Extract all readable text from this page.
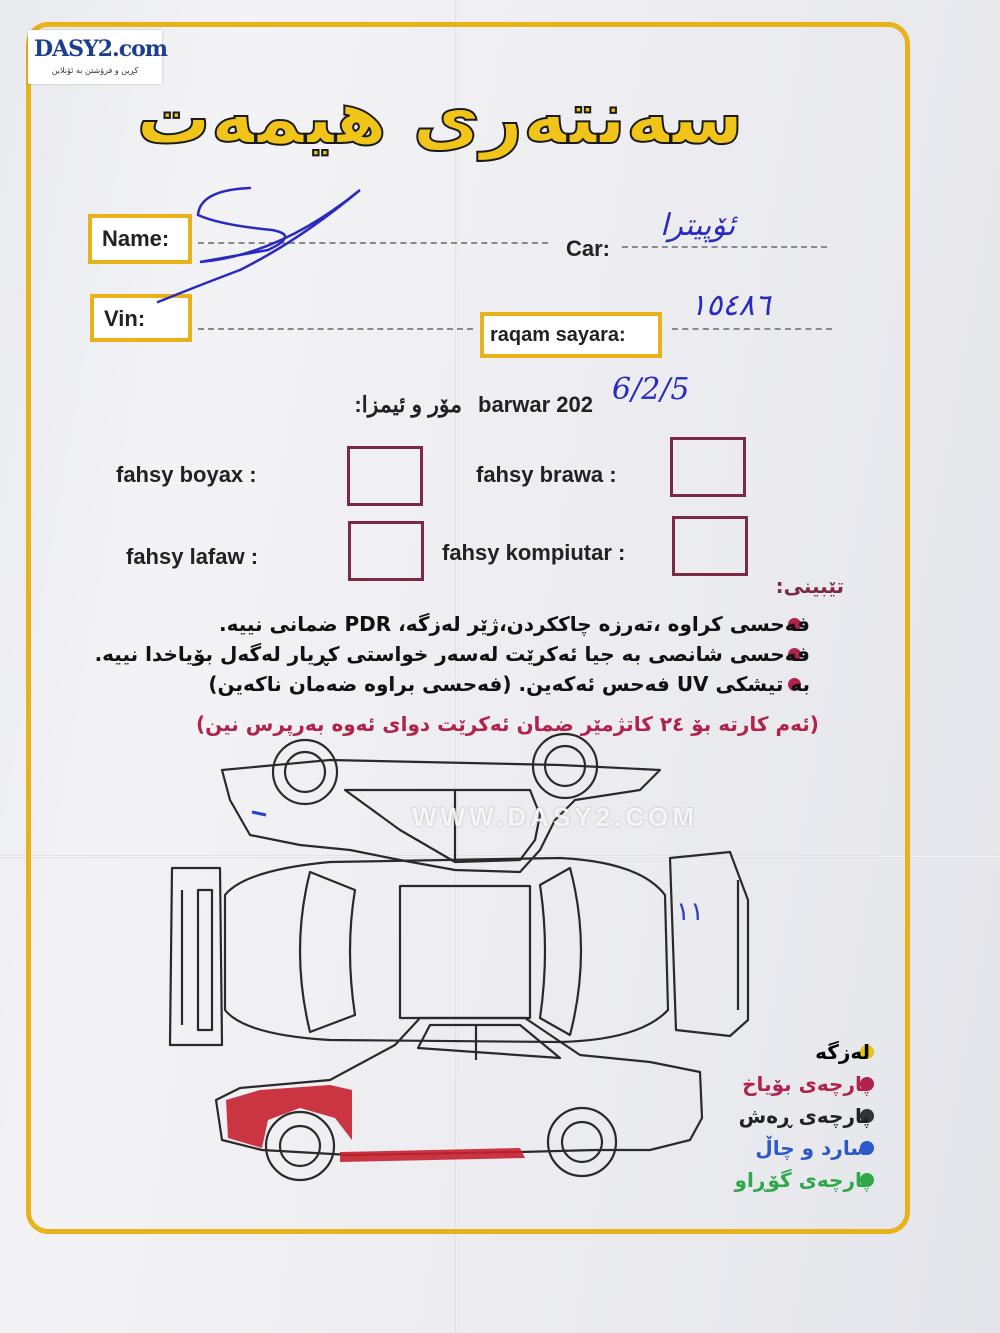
DASY2.com
کڕین و فرۆشتن بە ئۆنلاین
سەنتەری هیمەت
Name:	Car:
ئۆپیترا
Vin:
raqam sayara:
١٥٤٨٦
مۆر و ئیمزا: barwar 202 6/2/5
fahsy boyax :	fahsy brawa :
fahsy lafaw :	fahsy kompiutar :
تێبینی:
فەحسی کراوە ،تەرزە چاککردن،ژێر لەزگە، PDR ضمانی نییە.
فەحسی شانصی بە جیا ئەکرێت لەسەر خواستی کڕیار لەگەل بۆیاخدا نییە.
بە تیشکی UV فەحس ئەکەین. (فەحسی براوە ضەمان ناکەین)
(ئەم کارتە بۆ ٢٤ کاتژمێر ضمان ئەکرێت دوای ئەوە بەرپرس نین)
١١
WWW.DASY2.COM
لەزگە
پارچەی بۆیاخ
پارچەی ڕەش
سارد و چاڵ
پارچەی گۆڕاو
